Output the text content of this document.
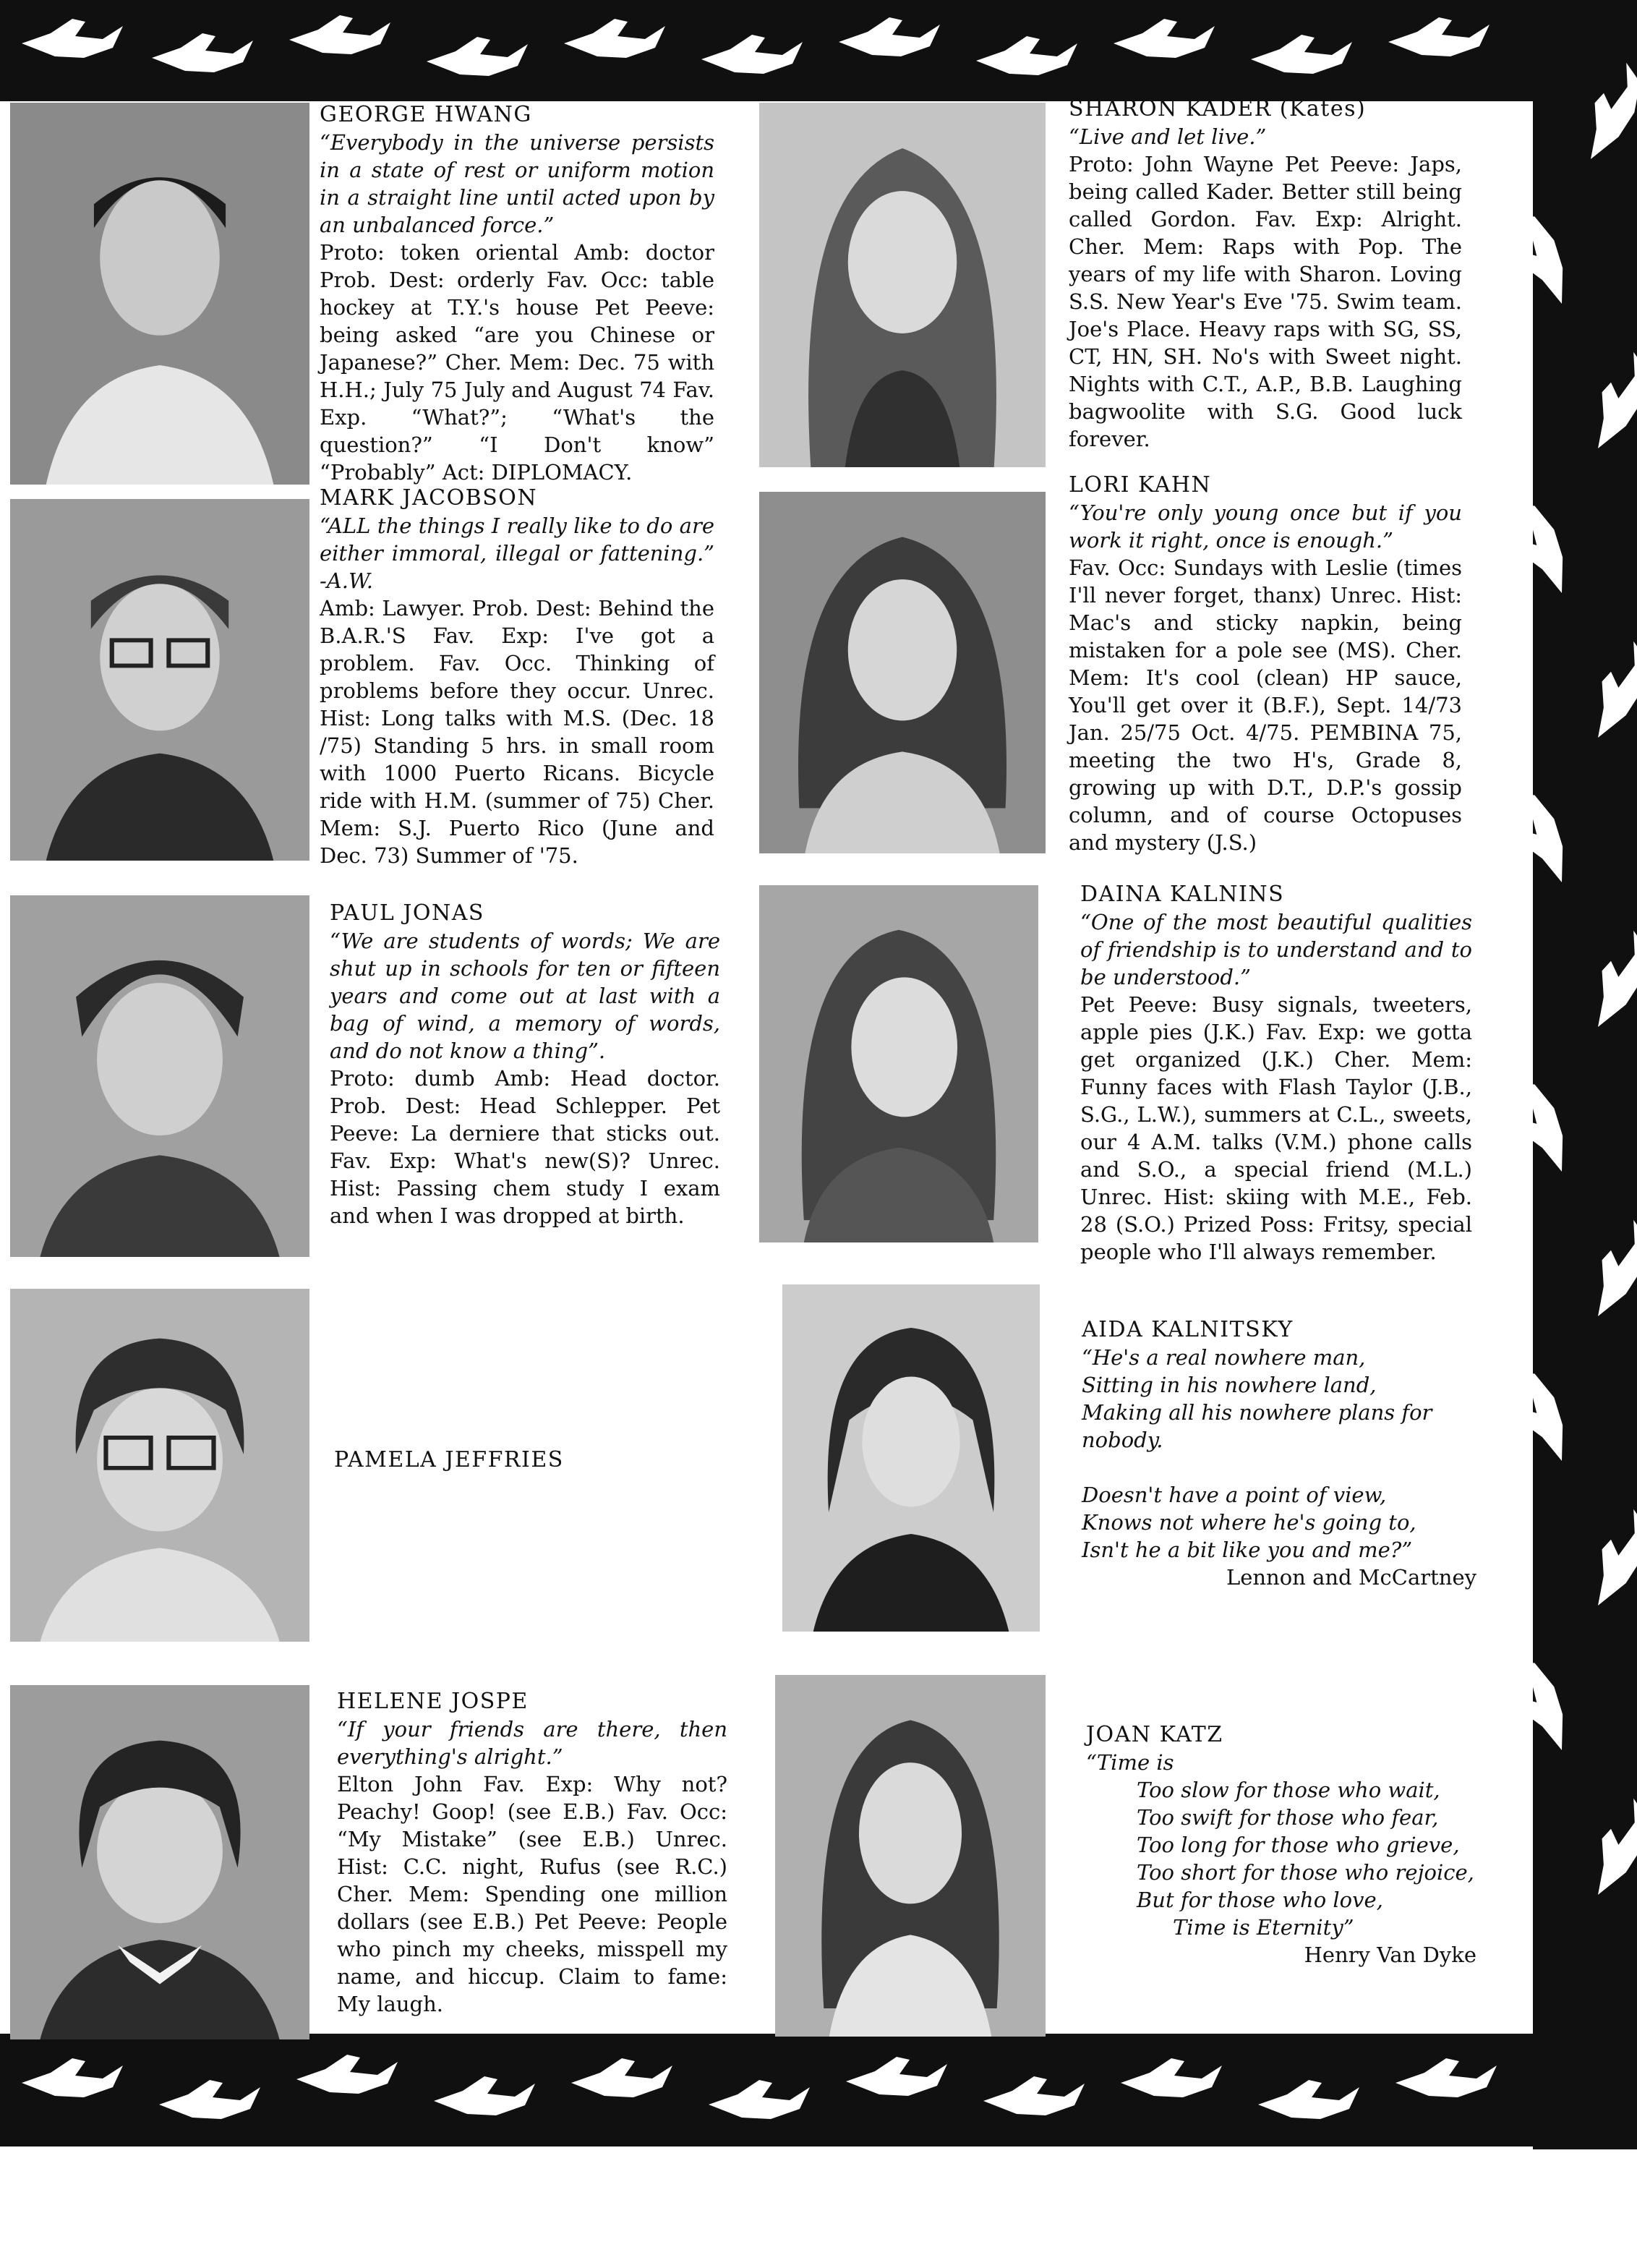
GEORGE HWANG
“Everybody in the universe persists in a state of rest or uniform motion in a straight line until acted upon by an unbalanced force.”
Proto: token oriental Amb: doctor Prob. Dest: orderly Fav. Occ: table hockey at T.Y.'s house Pet Peeve: being asked “are you Chinese or Japanese?” Cher. Mem: Dec. 75 with H.H.; July 75 July and August 74 Fav. Exp. “What?”; “What's the question?” “I Don't know” “Probably” Act: DIPLOMACY.
MARK JACOBSON
“ALL the things I really like to do are either immoral, illegal or fattening.” -A.W.
Amb: Lawyer. Prob. Dest: Behind the B.A.R.'S Fav. Exp: I've got a problem. Fav. Occ. Thinking of problems before they occur. Unrec. Hist: Long talks with M.S. (Dec. 18 /75) Standing 5 hrs. in small room with 1000 Puerto Ricans. Bicycle ride with H.M. (summer of 75) Cher. Mem: S.J. Puerto Rico (June and Dec. 73) Summer of '75.
PAUL JONAS
“We are students of words; We are shut up in schools for ten or fifteen years and come out at last with a bag of wind, a memory of words, and do not know a thing”.
Proto: dumb Amb: Head doctor. Prob. Dest: Head Schlepper. Pet Peeve: La derniere that sticks out. Fav. Exp: What's new(S)? Unrec. Hist: Passing chem study I exam and when I was dropped at birth.
PAMELA JEFFRIES
HELENE JOSPE
“If your friends are there, then everything's alright.”
Elton John Fav. Exp: Why not? Peachy! Goop! (see E.B.) Fav. Occ: “My Mistake” (see E.B.) Unrec. Hist: C.C. night, Rufus (see R.C.) Cher. Mem: Spending one million dollars (see E.B.) Pet Peeve: People who pinch my cheeks, misspell my name, and hiccup. Claim to fame: My laugh.
SHARON KADER (Kates)
“Live and let live.”
Proto: John Wayne Pet Peeve: Japs, being called Kader. Better still being called Gordon. Fav. Exp: Alright. Cher. Mem: Raps with Pop. The years of my life with Sharon. Loving S.S. New Year's Eve '75. Swim team. Joe's Place. Heavy raps with SG, SS, CT, HN, SH. No's with Sweet night. Nights with C.T., A.P., B.B. Laughing bagwoolite with S.G. Good luck forever.
LORI KAHN
“You're only young once but if you work it right, once is enough.”
Fav. Occ: Sundays with Leslie (times I'll never forget, thanx) Unrec. Hist: Mac's and sticky napkin, being mistaken for a pole see (MS). Cher. Mem: It's cool (clean) HP sauce, You'll get over it (B.F.), Sept. 14/73 Jan. 25/75 Oct. 4/75. PEMBINA 75, meeting the two H's, Grade 8, growing up with D.T., D.P.'s gossip column, and of course Octopuses and mystery (J.S.)
DAINA KALNINS
“One of the most beautiful qualities of friendship is to understand and to be understood.”
Pet Peeve: Busy signals, tweeters, apple pies (J.K.) Fav. Exp: we gotta get organized (J.K.) Cher. Mem: Funny faces with Flash Taylor (J.B., S.G., L.W.), summers at C.L., sweets, our 4 A.M. talks (V.M.) phone calls and S.O., a special friend (M.L.) Unrec. Hist: skiing with M.E., Feb. 28 (S.O.) Prized Poss: Fritsy, special people who I'll always remember.
AIDA KALNITSKY
“He's a real nowhere man,
Sitting in his nowhere land,
Making all his nowhere plans for nobody.
Doesn't have a point of view,
Knows not where he's going to,
Isn't he a bit like you and me?”
Lennon and McCartney
JOAN KATZ
“Time is
Too slow for those who wait,
Too swift for those who fear,
Too long for those who grieve,
Too short for those who rejoice,
But for those who love,
Time is Eternity”
Henry Van Dyke
27
